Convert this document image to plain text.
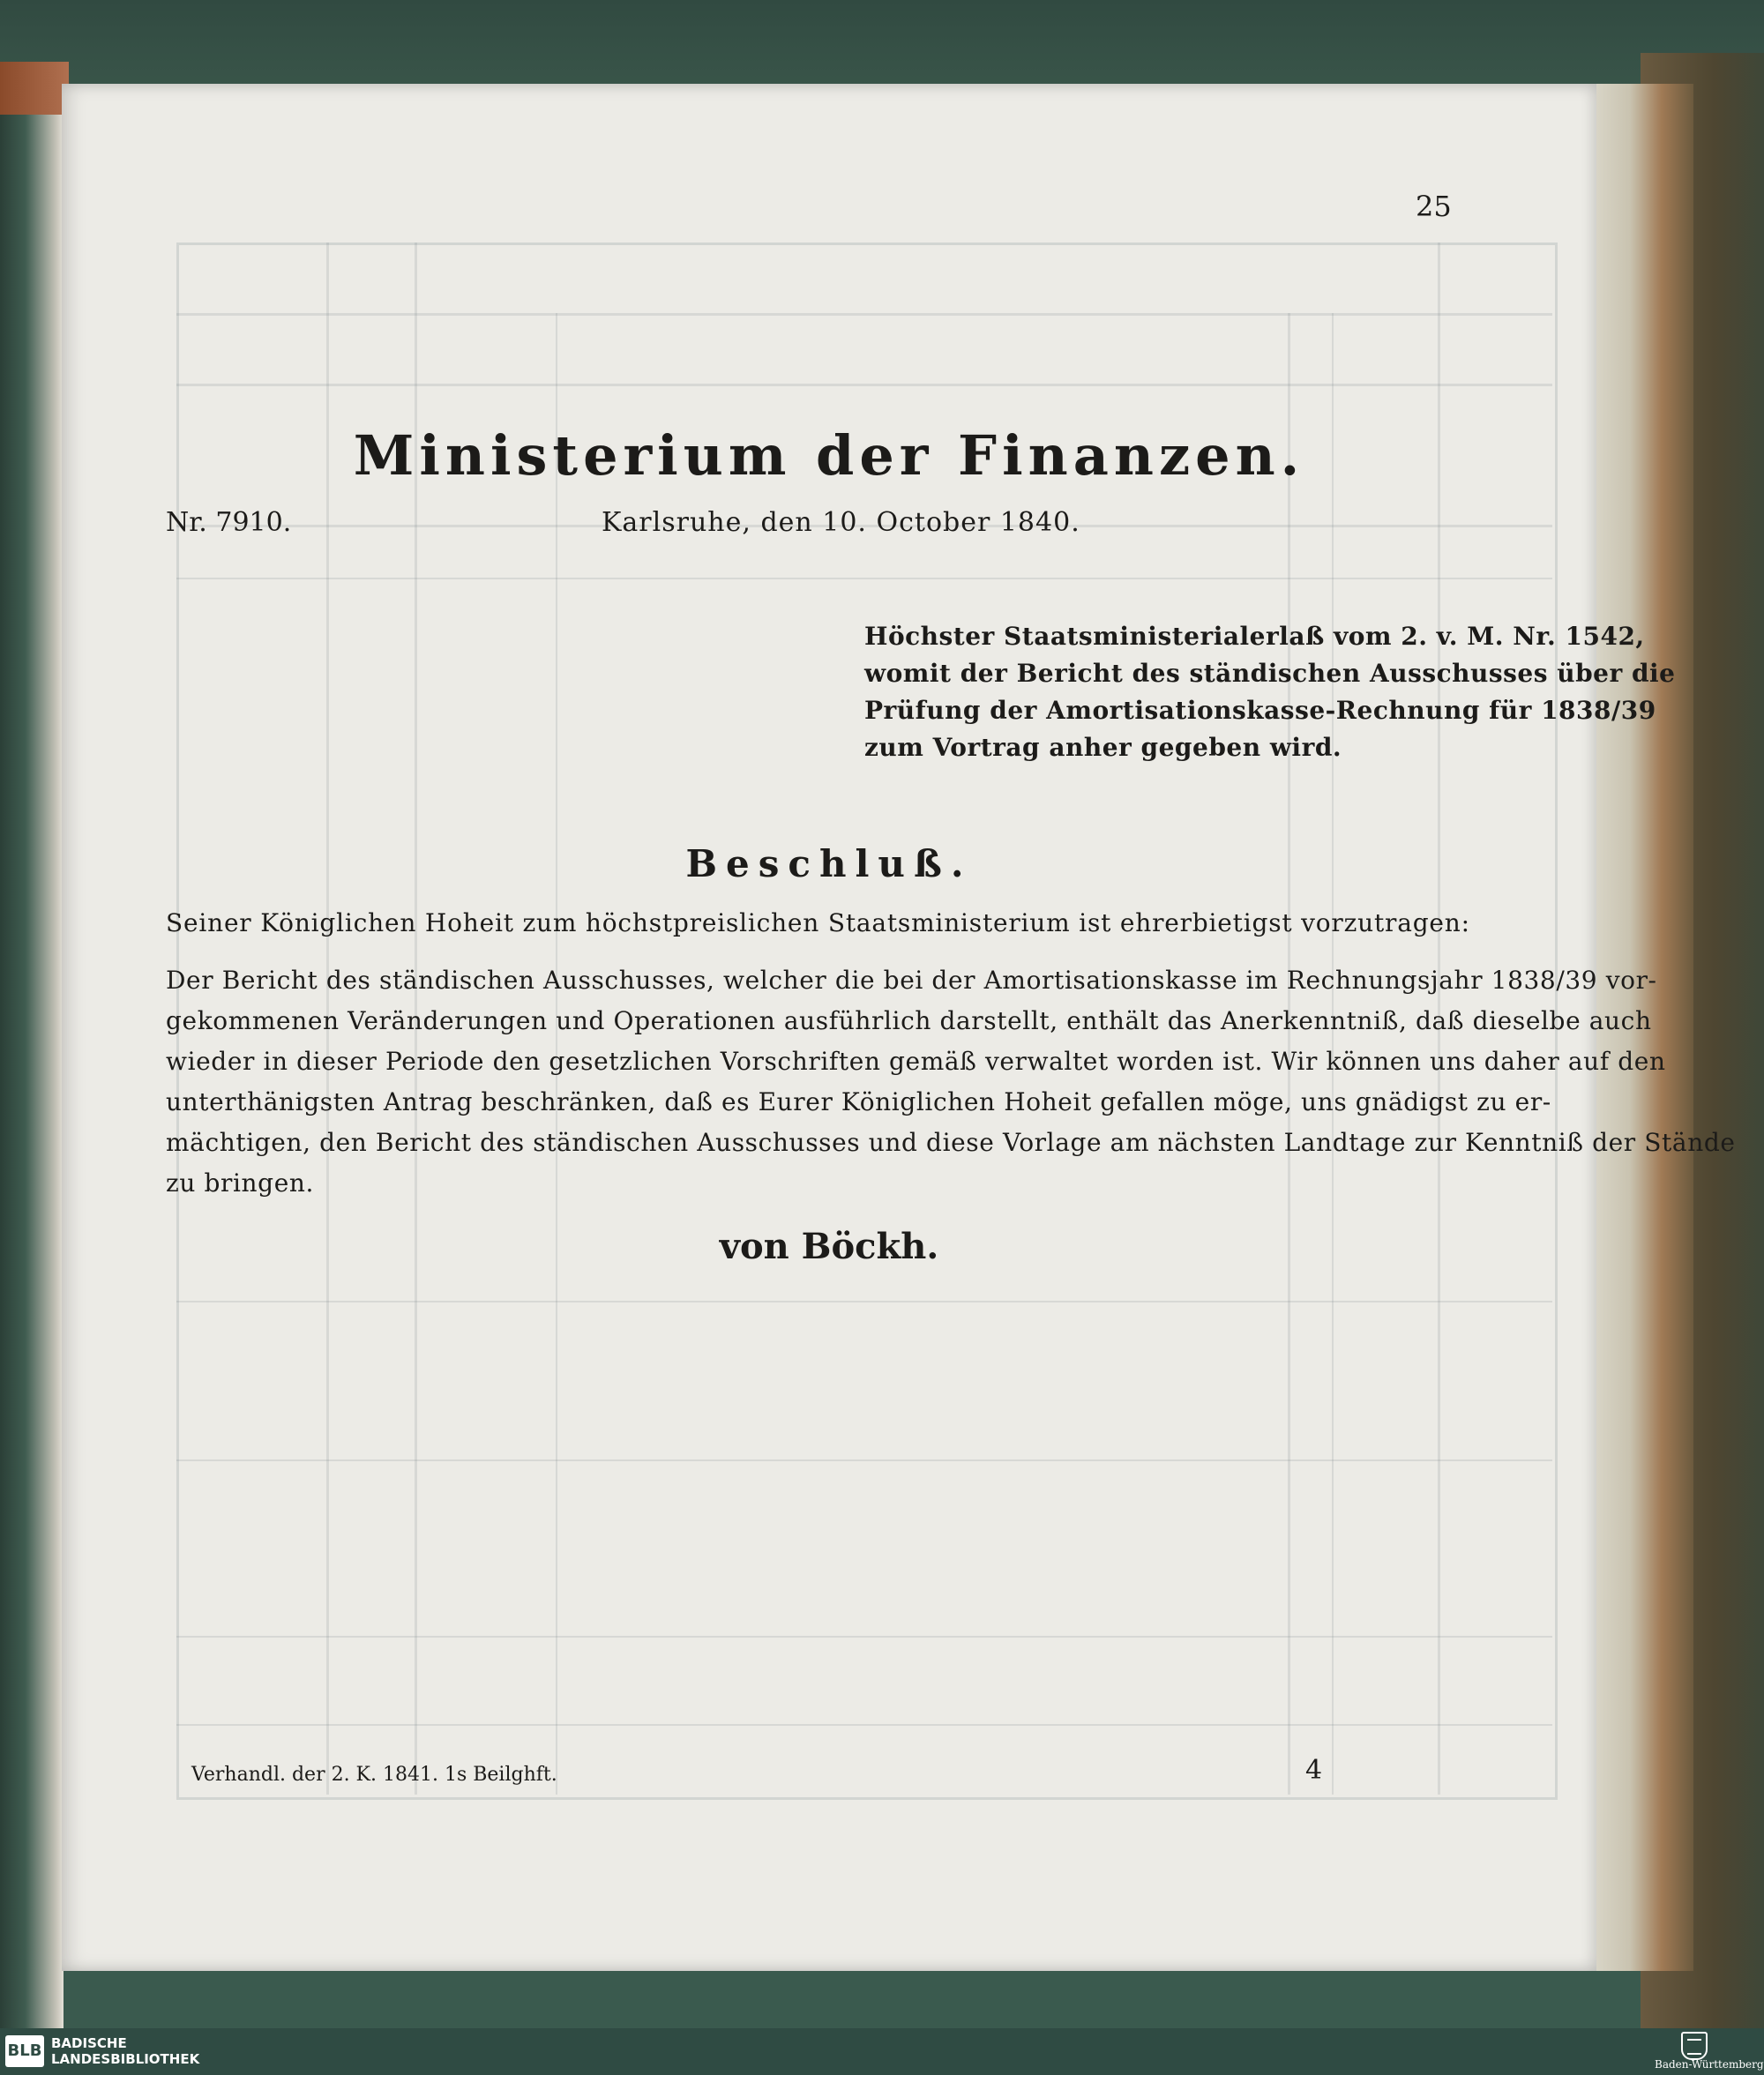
25
Ministerium der Finanzen.
Nr. 7910.	Karlsruhe, den 10. October 1840.
Höchster Staatsministerialerlaß vom 2. v. M. Nr. 1542,
womit der Bericht des ständischen Ausschusses über die
Prüfung der Amortisationskasse-Rechnung für 1838/39
zum Vortrag anher gegeben wird.
Beschluß.
Seiner Königlichen Hoheit zum höchstpreislichen Staatsministerium ist ehrerbietigst vorzutragen:
Der Bericht des ständischen Ausschusses, welcher die bei der Amortisationskasse im Rechnungsjahr 1838/39 vor-
gekommenen Veränderungen und Operationen ausführlich darstellt, enthält das Anerkenntniß, daß dieselbe auch
wieder in dieser Periode den gesetzlichen Vorschriften gemäß verwaltet worden ist. Wir können uns daher auf den
unterthänigsten Antrag beschränken, daß es Eurer Königlichen Hoheit gefallen möge, uns gnädigst zu er-
mächtigen, den Bericht des ständischen Ausschusses und diese Vorlage am nächsten Landtage zur Kenntniß der Stände
zu bringen.
von Böckh.
Verhandl. der 2. K. 1841. 1s Beilghft.	4
BLB BADISCHE
LANDESBIBLIOTHEK	Baden-Württemberg
